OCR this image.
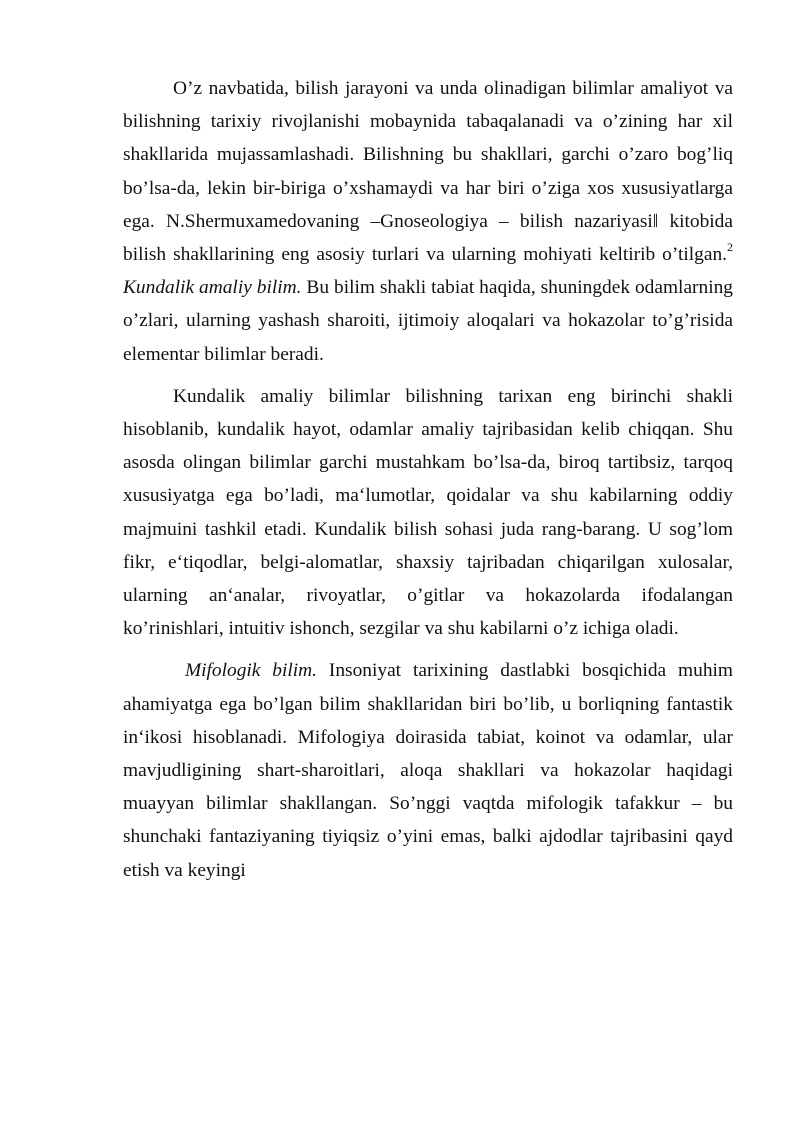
O’z navbatida, bilish jarayoni va unda olinadigan bilimlar amaliyot va bilishning tarixiy rivojlanishi mobaynida tabaqalanadi va o’zining har xil shakllarida mujassamlashadi. Bilishning bu shakllari, garchi o’zaro bog’liq bo’lsa-da, lekin bir-biriga o’xshamaydi va har biri o’ziga xos xususiyatlarga ega. N.Shermuxamedovaning –Gnoseologiya – bilish nazariyasi‖ kitobida bilish shakllarining eng asosiy turlari va ularning mohiyati keltirib o’tilgan.$^2$ Kundalik amaliy bilim. Bu bilim shakli tabiat haqida, shuningdek odamlarning o’zlari, ularning yashash sharoiti, ijtimoiy aloqalari va hokazolar to’g’risida elementar bilimlar beradi.

Kundalik amaliy bilimlar bilishning tarixan eng birinchi shakli hisoblanib, kundalik hayot, odamlar amaliy tajribasidan kelib chiqqan. Shu asosda olingan bilimlar garchi mustahkam bo’lsa-da, biroq tartibsiz, tarqoq xususiyatga ega bo’ladi, ma‘lumotlar, qoidalar va shu kabilarning oddiy majmuini tashkil etadi. Kundalik bilish sohasi juda rang-barang. U sog’lom fikr, e‘tiqodlar, belgi-alomatlar, shaxsiy tajribadan chiqarilgan xulosalar, ularning an‘analar, rivoyatlar, o’gitlar va hokazolarda ifodalangan ko’rinishlari, intuitiv ishonch, sezgilar va shu kabilarni o’z ichiga oladi.

Mifologik bilim. Insoniyat tarixining dastlabki bosqichida muhim ahamiyatga ega bo’lgan bilim shakllaridan biri bo’lib, u borliqning fantastik in‘ikosi hisoblanadi. Mifologiya doirasida tabiat, koinot va odamlar, ular mavjudligining shart-sharoitlari, aloqa shakllari va hokazolar haqidagi muayyan bilimlar shakllangan. So’nggi vaqtda mifologik tafakkur – bu shunchaki fantaziyaning tiyiqsiz o’yini emas, balki ajdodlar tajribasini qayd etish va keyingi
